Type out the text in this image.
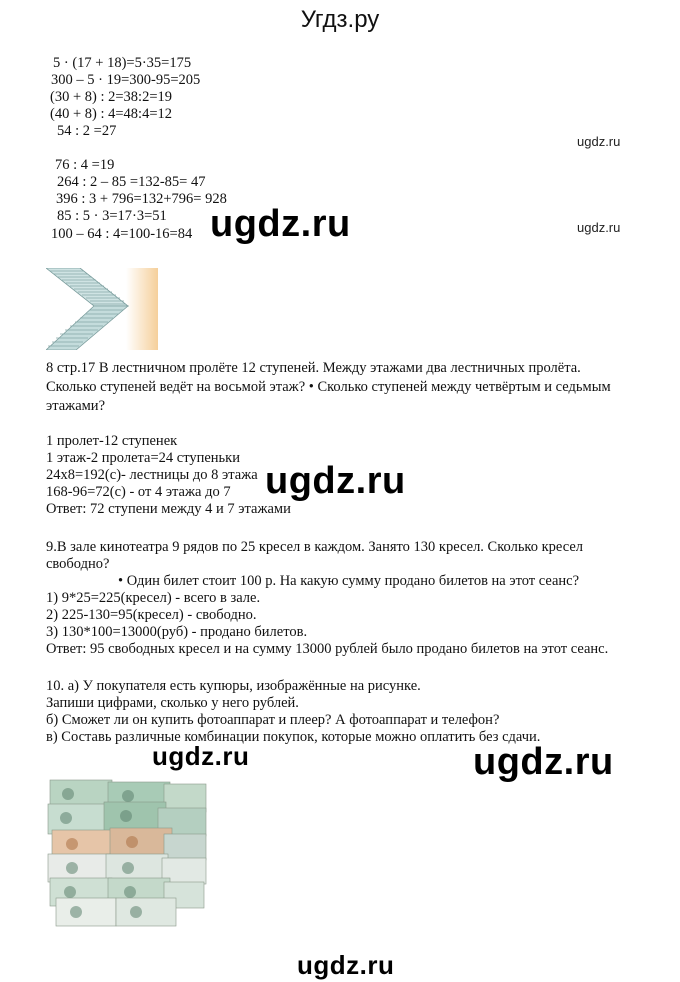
Угдз.ру
5 · (17 + 18)=5·35=175
300 – 5 · 19=300-95=205
(30 + 8) : 2=38:2=19
(40 + 8) : 4=48:4=12
54 : 2 =27
ugdz.ru
76 : 4 =19
264 : 2 – 85 =132-85= 47
396 : 3 + 796=132+796= 928
85 : 5 · 3=17·3=51
100 – 64 : 4=100-16=84 ugdz.ru	ugdz.ru
8 стр.17 В лестничном пролёте 12 ступеней. Между этажами два лестничных пролёта.
Сколько ступеней ведёт на восьмой этаж? • Сколько ступеней между четвёртым и седьмым
этажами?
1 пролет-12 ступенек
1 этаж-2 пролета=24 ступеньки
24х8=192(с)- лестницы до 8 этажа
168-96=72(с) - от 4 этажа до 7
Ответ: 72 ступени между 4 и 7 этажами
ugdz.ru
9.В зале кинотеатра 9 рядов по 25 кресел в каждом. Занято 130 кресел. Сколько кресел
свободно?
• Один билет стоит 100 р. На какую сумму продано билетов на этот сеанс?
1) 9*25=225(кресел) - всего в зале.
2) 225-130=95(кресел) - свободно.
3) 130*100=13000(руб) - продано билетов.
Ответ: 95 свободных кресел и на сумму 13000 рублей было продано билетов на этот сеанс.
10. а) У покупателя есть купюры, изображённые на рисунке.
Запиши цифрами, сколько у него рублей.
б) Сможет ли он купить фотоаппарат и плеер? А фотоаппарат и телефон?
в) Составь различные комбинации покупок, которые можно оплатить без сдачи.
ugdz.ru	ugdz.ru
ugdz.ru
